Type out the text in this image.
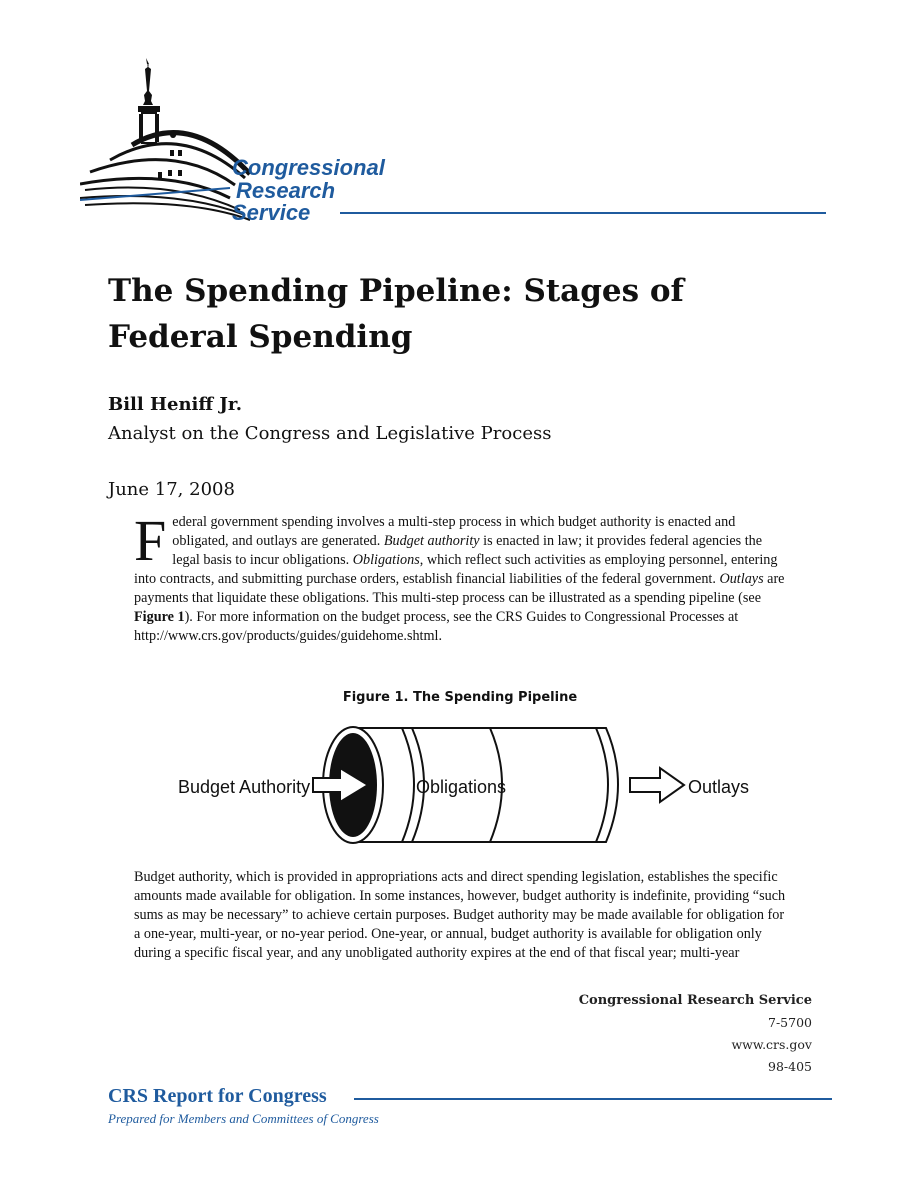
Congressional
Research
Service
The Spending Pipeline: Stages of Federal Spending
Bill Heniff Jr.
Analyst on the Congress and Legislative Process
June 17, 2008
Federal government spending involves a multi-step process in which budget authority is enacted and obligated, and outlays are generated. Budget authority is enacted in law; it provides federal agencies the legal basis to incur obligations. Obligations, which reflect such activities as employing personnel, entering into contracts, and submitting purchase orders, establish financial liabilities of the federal government. Outlays are payments that liquidate these obligations. This multi-step process can be illustrated as a spending pipeline (see Figure 1). For more information on the budget process, see the CRS Guides to Congressional Processes at http://www.crs.gov/products/guides/guidehome.shtml.
Figure 1. The Spending Pipeline
Budget Authority	Obligations	Outlays
Budget authority, which is provided in appropriations acts and direct spending legislation, establishes the specific amounts made available for obligation. In some instances, however, budget authority is indefinite, providing “such sums as may be necessary” to achieve certain purposes. Budget authority may be made available for obligation for a one-year, multi-year, or no-year period. One-year, or annual, budget authority is available for obligation only during a specific fiscal year, and any unobligated authority expires at the end of that fiscal year; multi-year
Congressional Research Service
7-5700
www.crs.gov
98-405
CRS Report for Congress
Prepared for Members and Committees of Congress
